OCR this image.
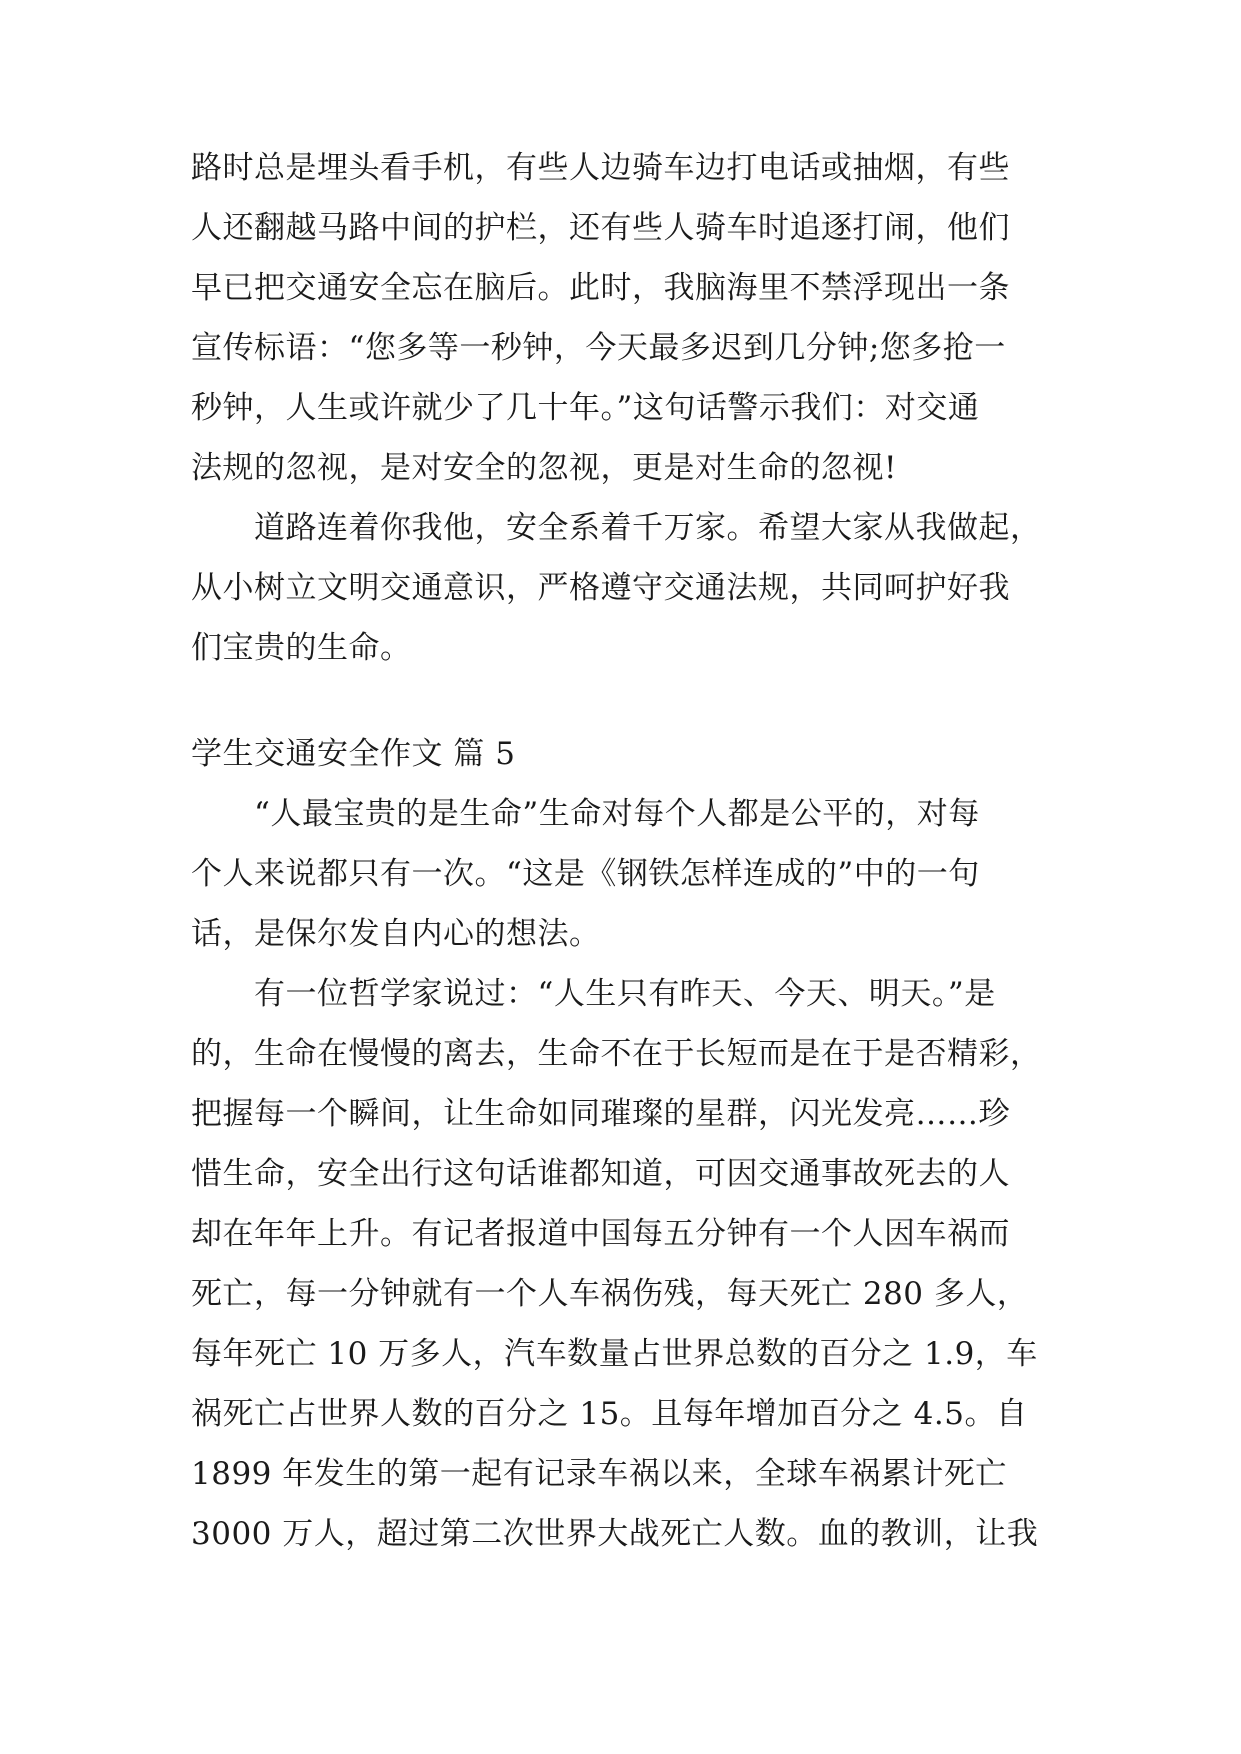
路时总是埋头看手机，有些人边骑车边打电话或抽烟，有些
人还翻越马路中间的护栏，还有些人骑车时追逐打闹，他们
早已把交通安全忘在脑后。此时，我脑海里不禁浮现出一条
宣传标语：“您多等一秒钟，今天最多迟到几分钟;您多抢一
秒钟，人生或许就少了几十年。”这句话警示我们：对交通
法规的忽视，是对安全的忽视，更是对生命的忽视!
　　道路连着你我他，安全系着千万家。希望大家从我做起，
从小树立文明交通意识，严格遵守交通法规，共同呵护好我
们宝贵的生命。
学生交通安全作文 篇 5
　　“人最宝贵的是生命”生命对每个人都是公平的，对每
个人来说都只有一次。“这是《钢铁怎样连成的”中的一句
话，是保尔发自内心的想法。
　　有一位哲学家说过：“人生只有昨天、今天、明天。”是
的，生命在慢慢的离去，生命不在于长短而是在于是否精彩，
把握每一个瞬间，让生命如同璀璨的星群，闪光发亮……珍
惜生命，安全出行这句话谁都知道，可因交通事故死去的人
却在年年上升。有记者报道中国每五分钟有一个人因车祸而
死亡，每一分钟就有一个人车祸伤残，每天死亡 280 多人，
每年死亡 10 万多人，汽车数量占世界总数的百分之 1.9，车
祸死亡占世界人数的百分之 15。且每年增加百分之 4.5。自
1899 年发生的第一起有记录车祸以来，全球车祸累计死亡
3000 万人，超过第二次世界大战死亡人数。血的教训，让我
